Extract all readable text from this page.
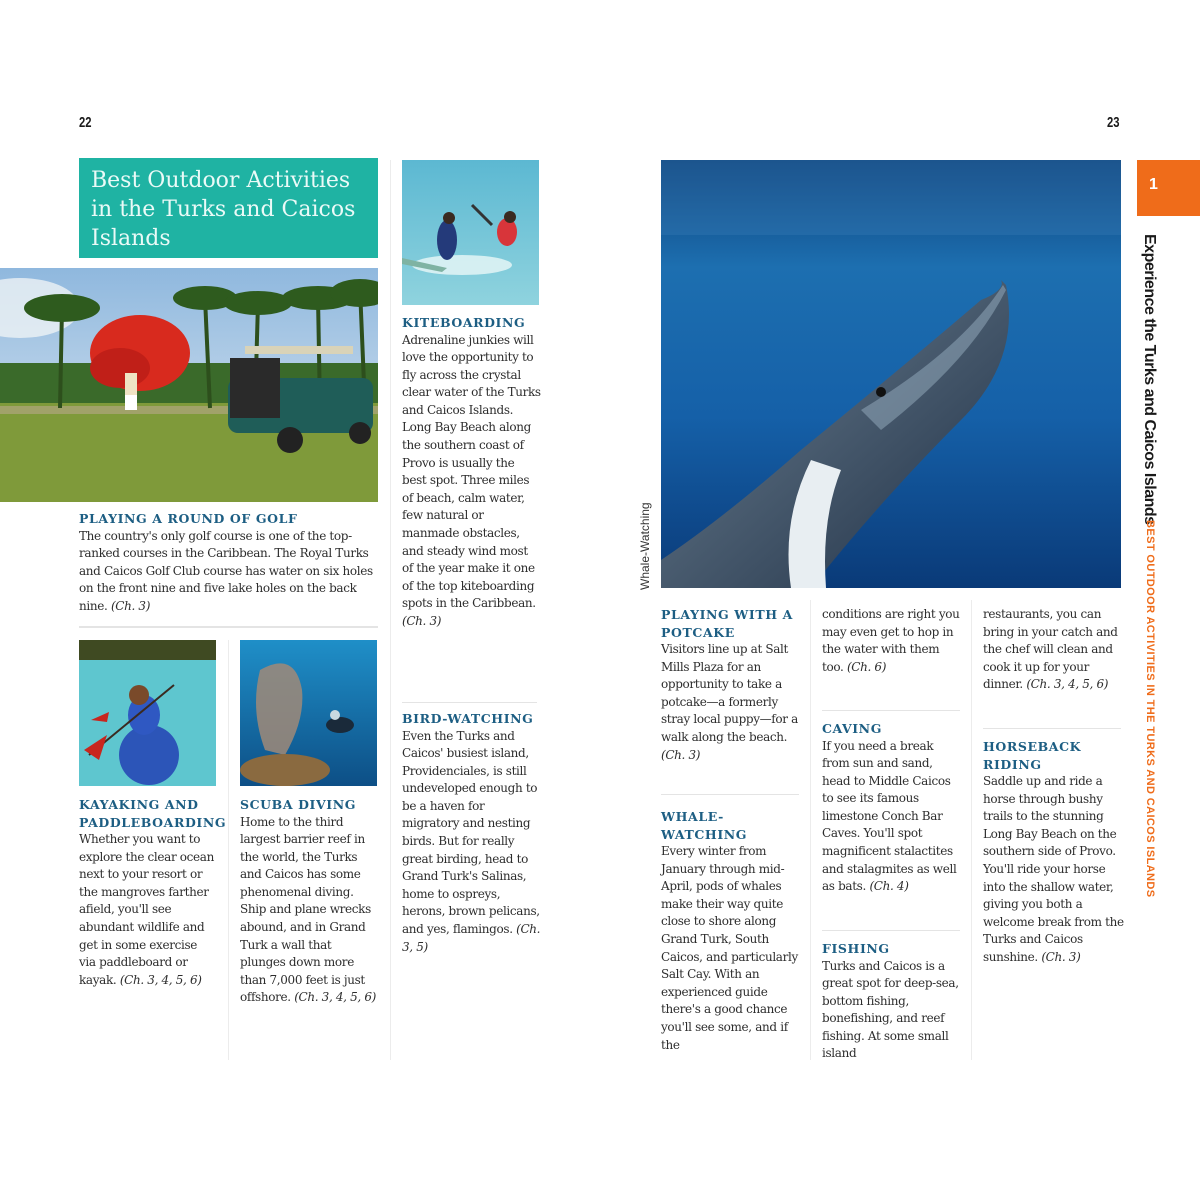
22
Best Outdoor Activities in the Turks and Caicos Islands
PLAYING A ROUND OF GOLF
The country's only golf course is one of the top-ranked courses in the Caribbean. The Royal Turks and Caicos Golf Club course has water on six holes on the front nine and five lake holes on the back nine. (Ch. 3)
KITEBOARDING
Adrenaline junkies will love the opportunity to fly across the crystal clear water of the Turks and Caicos Islands. Long Bay Beach along the southern coast of Provo is usually the best spot. Three miles of beach, calm water, few natural or manmade obstacles, and steady wind most of the year make it one of the top kiteboarding spots in the Caribbean. (Ch. 3)
BIRD-WATCHING
Even the Turks and Caicos' busiest island, Providenciales, is still undeveloped enough to be a haven for migratory and nesting birds. But for really great birding, head to Grand Turk's Salinas, home to ospreys, herons, brown pelicans, and yes, flamingos. (Ch. 3, 5)
KAYAKING AND PADDLEBOARDING
Whether you want to explore the clear ocean next to your resort or the mangroves farther afield, you'll see abundant wildlife and get in some exercise via paddleboard or kayak. (Ch. 3, 4, 5, 6)
SCUBA DIVING
Home to the third largest barrier reef in the world, the Turks and Caicos has some phenomenal diving. Ship and plane wrecks abound, and in Grand Turk a wall that plunges down more than 7,000 feet is just offshore. (Ch. 3, 4, 5, 6)
23
Whale-Watching
1
Experience the Turks and Caicos Islands
BEST OUTDOOR ACTIVITIES IN THE TURKS AND CAICOS ISLANDS
PLAYING WITH A POTCAKE
Visitors line up at Salt Mills Plaza for an opportunity to take a potcake—a formerly stray local puppy—for a walk along the beach. (Ch. 3)
WHALE-WATCHING
Every winter from January through mid-April, pods of whales make their way quite close to shore along Grand Turk, South Caicos, and particularly Salt Cay. With an experienced guide there's a good chance you'll see some, and if the
conditions are right you may even get to hop in the water with them too. (Ch. 6)
CAVING
If you need a break from sun and sand, head to Middle Caicos to see its famous limestone Conch Bar Caves. You'll spot magnificent stalactites and stalagmites as well as bats. (Ch. 4)
FISHING
Turks and Caicos is a great spot for deep-sea, bottom fishing, bonefishing, and reef fishing. At some small island
restaurants, you can bring in your catch and the chef will clean and cook it up for your dinner. (Ch. 3, 4, 5, 6)
HORSEBACK RIDING
Saddle up and ride a horse through bushy trails to the stunning Long Bay Beach on the southern side of Provo. You'll ride your horse into the shallow water, giving you both a welcome break from the Turks and Caicos sunshine. (Ch. 3)
